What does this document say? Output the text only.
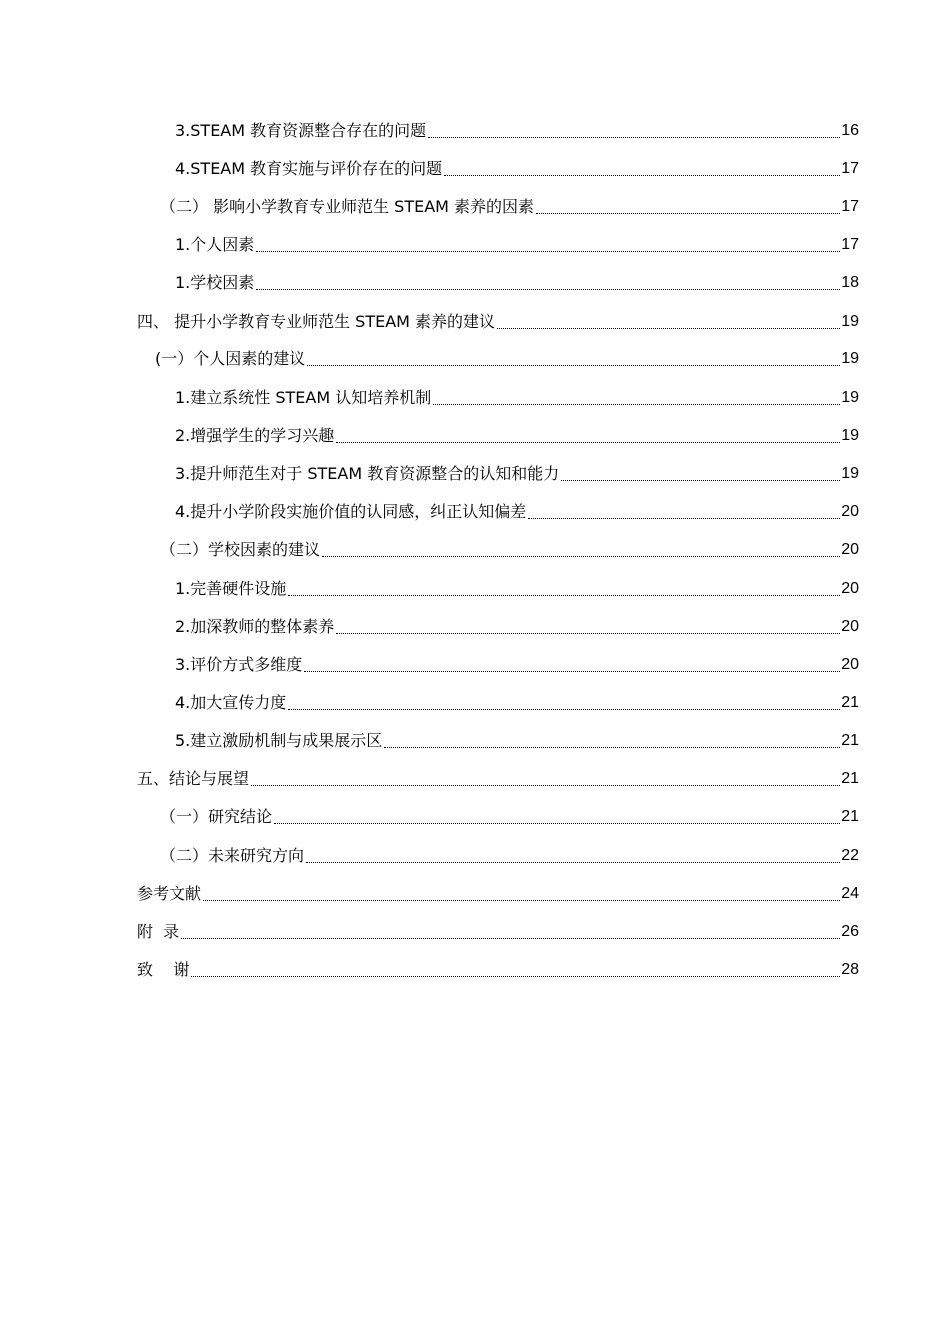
3.STEAM 教育资源整合存在的问题	16
4.STEAM 教育实施与评价存在的问题	17
（二） 影响小学教育专业师范生 STEAM 素养的因素	17
1.个人因素	17
1.学校因素	18
四、 提升小学教育专业师范生 STEAM 素养的建议	19
(一）个人因素的建议	19
1.建立系统性 STEAM 认知培养机制	19
2.增强学生的学习兴趣	19
3.提升师范生对于 STEAM 教育资源整合的认知和能力	19
4.提升小学阶段实施价值的认同感，纠正认知偏差	20
（二）学校因素的建议	20
1.完善硬件设施	20
2.加深教师的整体素养	20
3.评价方式多维度	20
4.加大宣传力度	21
5.建立激励机制与成果展示区	21
五、结论与展望	21
（一）研究结论	21
（二）未来研究方向	22
参考文献	24
附  录	26
致    谢	28
